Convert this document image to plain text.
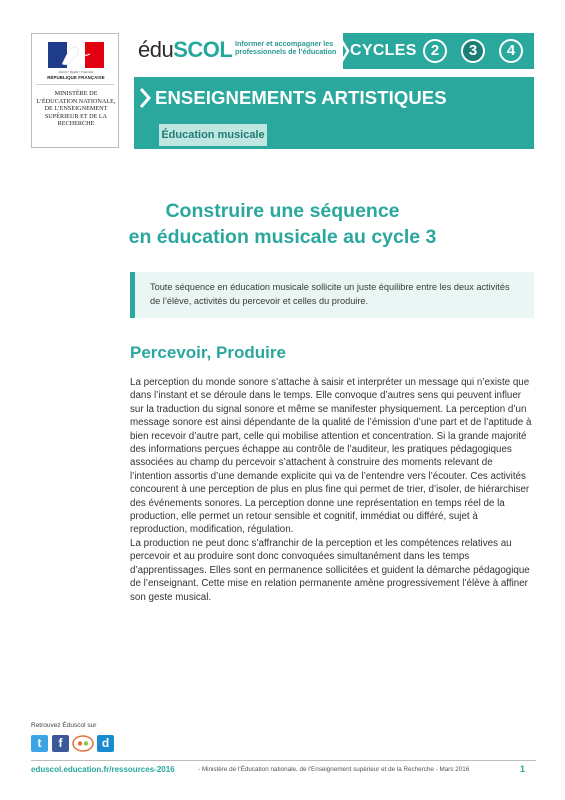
Liberté • Égalité • Fraternité
RÉPUBLIQUE FRANÇAISE
MINISTÈRE DE L’ÉDUCATION NATIONALE, DE L’ENSEIGNEMENT SUPÉRIEUR ET DE LA RECHERCHE
éduSCOL Informer et accompagner les professionnels de l’éducation CYCLES 2	3	4
ENSEIGNEMENTS ARTISTIQUES
Éducation musicale
Construire une séquence
en éducation musicale au cycle 3
Toute séquence en éducation musicale sollicite un juste équilibre entre les deux activités de l’élève, activités du percevoir et celles du produire.
Percevoir, Produire
La perception du monde sonore s’attache à saisir et interpréter un message qui n’existe que dans l’instant et se déroule dans le temps. Elle convoque d’autres sens qui peuvent influer sur la traduction du signal sonore et même se manifester physiquement. La perception d’un message sonore est ainsi dépendante de la qualité de l’émission d’une part et de l’aptitude à bien recevoir d’autre part, celle qui mobilise attention et concentration. Si la grande majorité des informations perçues échappe au contrôle de l’auditeur, les pratiques pédagogiques associées au champ du percevoir s’attachent à construire des moments relevant de l’intention assortis d’une demande explicite qui va de l’entendre vers l’écouter. Ces activités concourent à une perception de plus en plus fine qui permet de trier, d’isoler, de hiérarchiser des événements sonores. La perception donne une représentation en temps réel de la production, elle permet un retour sensible et cognitif, immédiat ou différé, sujet à reproduction, modification, régulation.
La production ne peut donc s’affranchir de la perception et les compétences relatives au percevoir et au produire sont donc convoquées simultanément dans les temps d’apprentissages. Elles sont en permanence sollicitées et guident la démarche pédagogique de l’enseignant. Cette mise en relation permanente amène progressivement l’élève à affiner son geste musical.
Retrouvez Éduscol sur
t	f	d
eduscol.education.fr/ressources-2016	- Ministère de l’Éducation nationale, de l’Enseignement supérieur et de la Recherche - Mars 2016	1
